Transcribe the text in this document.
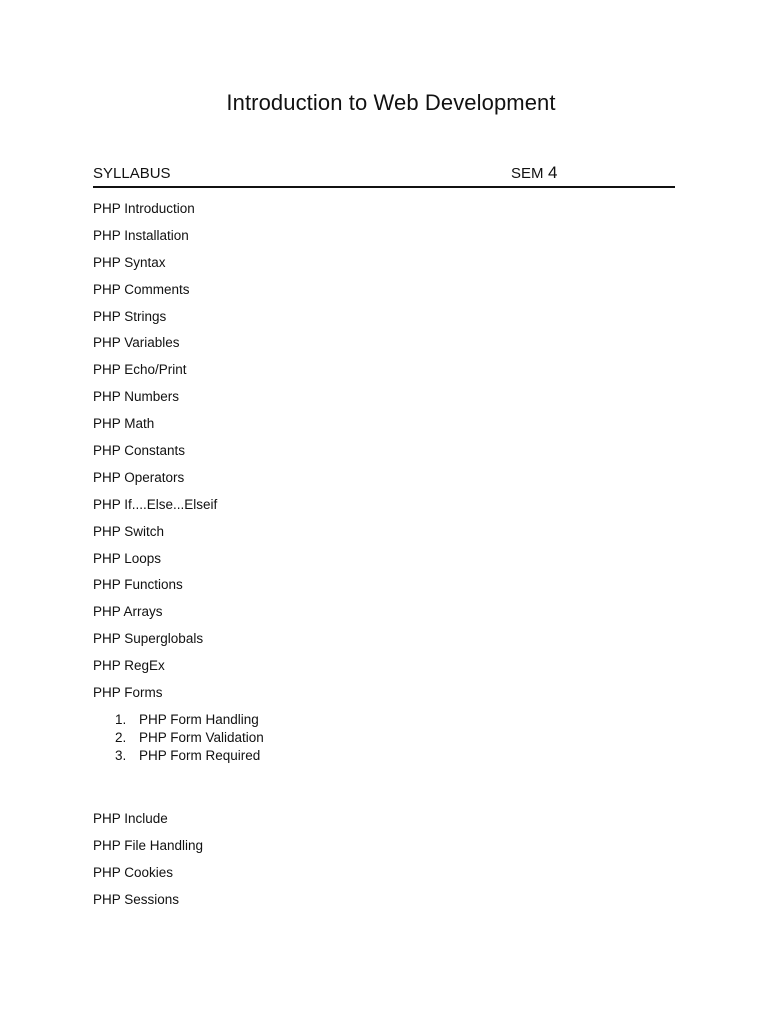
Introduction to Web Development
SYLLABUS	SEM 4
PHP Introduction
PHP Installation
PHP Syntax
PHP Comments
PHP Strings
PHP Variables
PHP Echo/Print
PHP Numbers
PHP Math
PHP Constants
PHP Operators
PHP If....Else...Elseif
PHP Switch
PHP Loops
PHP Functions
PHP Arrays
PHP Superglobals
PHP RegEx
PHP Forms
1. PHP Form Handling
2. PHP Form Validation
3. PHP Form Required
PHP Include
PHP File Handling
PHP Cookies
PHP Sessions
